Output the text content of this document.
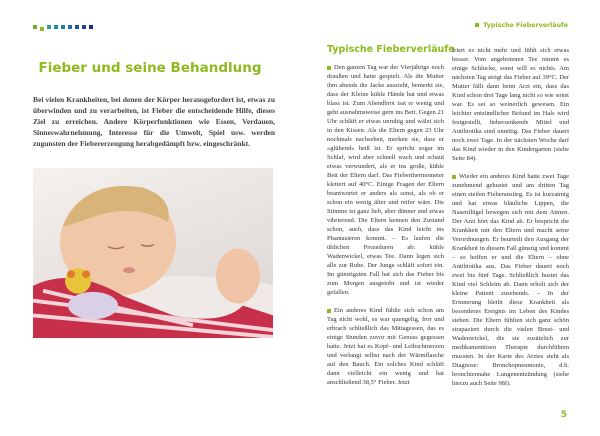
Fieber und seine Behandlung

Bei vielen Krankheiten, bei denen der Körper herausgefordert ist, etwas zu überwinden und zu verarbeiten, ist Fieber die entscheidende Hilfe, dieses Ziel zu erreichen. Andere Körperfunktionen wie Essen, Verdauen, Sinneswahrnehmung, Interesse für die Umwelt, Spiel usw. werden zugunsten der Fiebererzeugung herabgedämpft bzw. eingeschränkt.

Typische Fieberverläufe
Typische Fieberverläufe

Den ganzen Tag war der Vierjährige noch draußen und hatte gespielt. Als die Mutter ihm abends die Jacke auszieht, bemerkt sie, dass der Kleine kühle Hände hat und etwas blass ist. Zum Abendbrot isst er wenig und geht ausnahmsweise gern ins Bett. Gegen 21 Uhr schläft er etwas unruhig und wälzt sich in den Kissen. Als die Eltern gegen 23 Uhr nochmals nachsehen, merken sie, dass er »glühend« heiß ist. Er spricht sogar im Schlaf, wird aber schnell wach und schaut etwas verwundert, als er ins große, kühle Bett der Eltern darf. Das Fieberthermometer klettert auf 40°C. Einige Fragen der Eltern beantwortet er anders als sonst, als ob er schon ein wenig älter und reifer wäre. Die Stimme ist ganz lieb, aber dünner und etwas vibrierend. Die Eltern kennen den Zustand schon, auch, dass das Kind leicht ins Phantasieren kommt. – Es laufen die üblichen Prozeduren ab: kühle Wadenwickel, etwas Tee. Dann legen sich alle zur Ruhe. Der Junge schläft sofort ein. Im günstigsten Fall hat sich das Fieber bis zum Morgen ausgetobt und ist wieder gefallen.

Ein anderes Kind fühlte sich schon am Tag nicht wohl, es war quengelig, fror und erbrach schließlich das Mittagessen, das es einige Stunden zuvor mit Genuss gegessen hatte. Jetzt hat es Kopf- und Leibschmerzen und verlangt selbst nach der Wärmflasche auf den Bauch. Ein solches Kind schläft dann vielleicht ein wenig und hat anschließend 38,5° Fieber. Jetzt

friert es nicht mehr und fühlt sich etwas besser. Vom angebotenen Tee nimmt es einige Schlucke, sonst will es nichts. Am nächsten Tag steigt das Fieber auf 39°C. Der Mutter fällt dann beim Arzt ein, dass das Kind schon drei Tage lang nicht so wie sonst war. Es sei so weinerlich gewesen. Ein leichter entzündlicher Befund im Hals wird festgestellt, fiebersenkende Mittel und Antibiotika sind unnötig. Das Fieber dauert noch zwei Tage. In der nächsten Woche darf das Kind wieder in den Kindergarten (siehe Seite 84).

Wieder ein anderes Kind hatte zwei Tage zunehmend gehustet und am dritten Tag einen steilen Fieberanstieg. Es ist kurzatmig und hat etwas bläuliche Lippen, die Nasenflügel bewegen sich mit dem Atmen. Der Arzt hört das Kind ab. Er bespricht die Krankheit mit den Eltern und macht seine Verordnungen. Er beurteilt den Ausgang der Krankheit in diesem Fall günstig und kommt – so hoffen er und die Eltern – ohne Antibiotika aus. Das Fieber dauert noch zwei bis fünf Tage. Schließlich hustet das Kind viel Schleim ab. Dann erholt sich der kleine Patient zusehends. – In der Erinnerung bleibt diese Krankheit als besonderes Ereignis im Leben des Kindes stehen. Die Eltern fühlten sich ganz schön strapaziert durch die vielen Brust- und Wadenwickel, die sie zusätzlich zur medikamentösen Therapie durchführen mussten. In der Karte des Arztes steht als Diagnose: Bronchopneumonie, d.h. bronchiennahe Lungenentzündung (siehe hierzu auch Seite 98f).

5
